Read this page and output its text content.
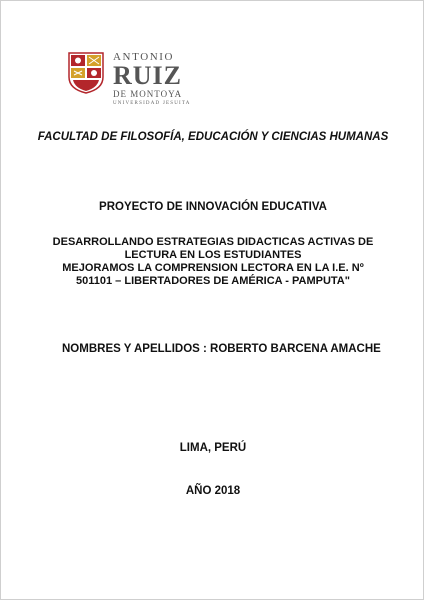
ANTONIO
RUIZ
DE MONTOYA
UNIVERSIDAD JESUITA
FACULTAD DE FILOSOFÍA, EDUCACIÓN Y CIENCIAS HUMANAS
PROYECTO DE INNOVACIÓN EDUCATIVA
DESARROLLANDO ESTRATEGIAS DIDACTICAS ACTIVAS DE
LECTURA EN LOS ESTUDIANTES
MEJORAMOS LA COMPRENSION LECTORA EN LA I.E. Nº
501101 – LIBERTADORES DE AMÉRICA - PAMPUTA"
NOMBRES Y APELLIDOS : ROBERTO BARCENA AMACHE
LIMA, PERÚ
AÑO 2018
